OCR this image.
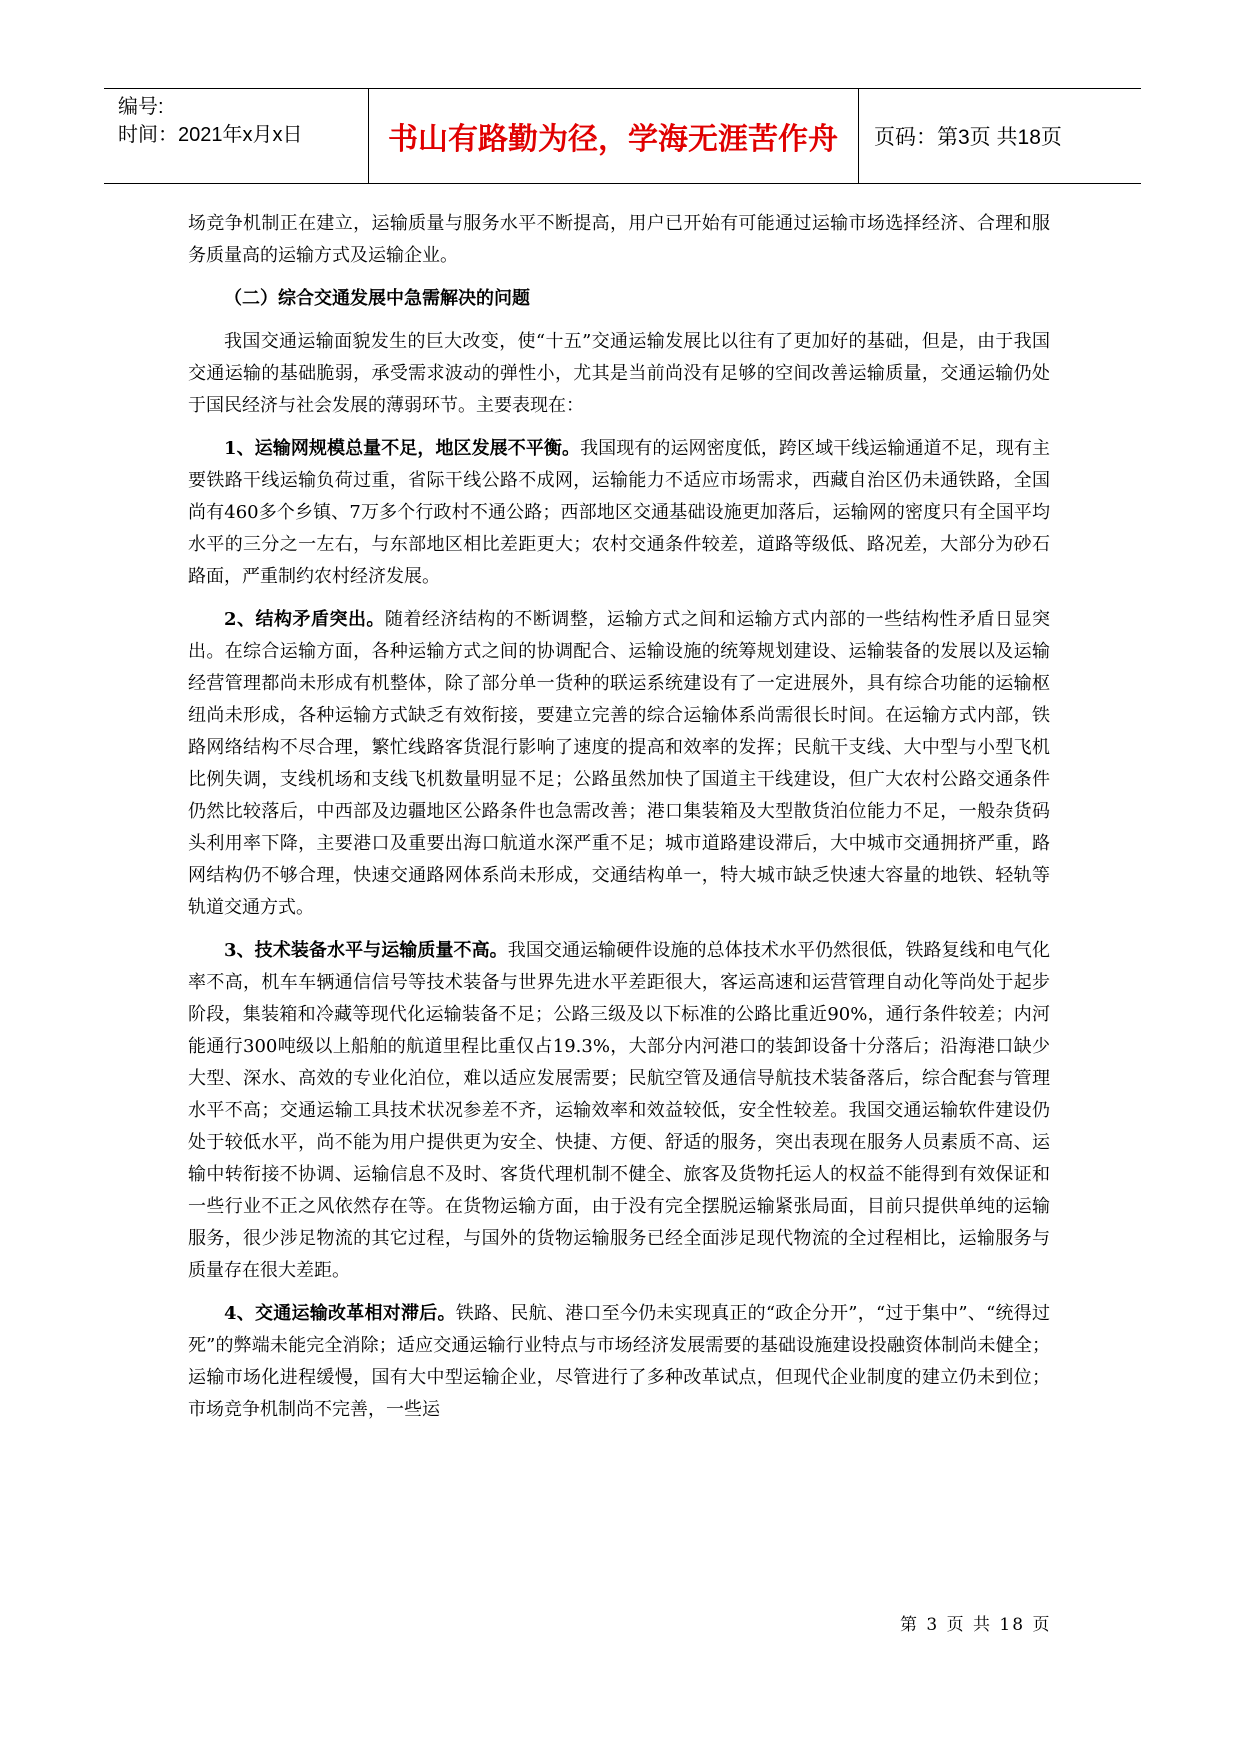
编号:
时间：2021年x月x日	书山有路勤为径，学海无涯苦作舟	页码：第3页 共18页

场竞争机制正在建立，运输质量与服务水平不断提高，用户已开始有可能通过运输市场选择经济、合理和服务质量高的运输方式及运输企业。

（二）综合交通发展中急需解决的问题

我国交通运输面貌发生的巨大改变，使“十五”交通运输发展比以往有了更加好的基础，但是，由于我国交通运输的基础脆弱，承受需求波动的弹性小，尤其是当前尚没有足够的空间改善运输质量，交通运输仍处于国民经济与社会发展的薄弱环节。主要表现在：

1、运输网规模总量不足，地区发展不平衡。我国现有的运网密度低，跨区域干线运输通道不足，现有主要铁路干线运输负荷过重，省际干线公路不成网，运输能力不适应市场需求，西藏自治区仍未通铁路，全国尚有460多个乡镇、7万多个行政村不通公路；西部地区交通基础设施更加落后，运输网的密度只有全国平均水平的三分之一左右，与东部地区相比差距更大；农村交通条件较差，道路等级低、路况差，大部分为砂石路面，严重制约农村经济发展。

2、结构矛盾突出。随着经济结构的不断调整，运输方式之间和运输方式内部的一些结构性矛盾日显突出。在综合运输方面，各种运输方式之间的协调配合、运输设施的统筹规划建设、运输装备的发展以及运输经营管理都尚未形成有机整体，除了部分单一货种的联运系统建设有了一定进展外，具有综合功能的运输枢纽尚未形成，各种运输方式缺乏有效衔接，要建立完善的综合运输体系尚需很长时间。在运输方式内部，铁路网络结构不尽合理，繁忙线路客货混行影响了速度的提高和效率的发挥；民航干支线、大中型与小型飞机比例失调，支线机场和支线飞机数量明显不足；公路虽然加快了国道主干线建设，但广大农村公路交通条件仍然比较落后，中西部及边疆地区公路条件也急需改善；港口集装箱及大型散货泊位能力不足，一般杂货码头利用率下降，主要港口及重要出海口航道水深严重不足；城市道路建设滞后，大中城市交通拥挤严重，路网结构仍不够合理，快速交通路网体系尚未形成，交通结构单一，特大城市缺乏快速大容量的地铁、轻轨等轨道交通方式。

3、技术装备水平与运输质量不高。我国交通运输硬件设施的总体技术水平仍然很低，铁路复线和电气化率不高，机车车辆通信信号等技术装备与世界先进水平差距很大，客运高速和运营管理自动化等尚处于起步阶段，集装箱和冷藏等现代化运输装备不足；公路三级及以下标准的公路比重近90%，通行条件较差；内河能通行300吨级以上船舶的航道里程比重仅占19.3%，大部分内河港口的装卸设备十分落后；沿海港口缺少大型、深水、高效的专业化泊位，难以适应发展需要；民航空管及通信导航技术装备落后，综合配套与管理水平不高；交通运输工具技术状况参差不齐，运输效率和效益较低，安全性较差。我国交通运输软件建设仍处于较低水平，尚不能为用户提供更为安全、快捷、方便、舒适的服务，突出表现在服务人员素质不高、运输中转衔接不协调、运输信息不及时、客货代理机制不健全、旅客及货物托运人的权益不能得到有效保证和一些行业不正之风依然存在等。在货物运输方面，由于没有完全摆脱运输紧张局面，目前只提供单纯的运输服务，很少涉足物流的其它过程，与国外的货物运输服务已经全面涉足现代物流的全过程相比，运输服务与质量存在很大差距。

4、交通运输改革相对滞后。铁路、民航、港口至今仍未实现真正的“政企分开”，“过于集中”、“统得过死”的弊端未能完全消除；适应交通运输行业特点与市场经济发展需要的基础设施建设投融资体制尚未健全；运输市场化进程缓慢，国有大中型运输企业，尽管进行了多种改革试点，但现代企业制度的建立仍未到位；市场竞争机制尚不完善，一些运

第 3 页 共 18 页
